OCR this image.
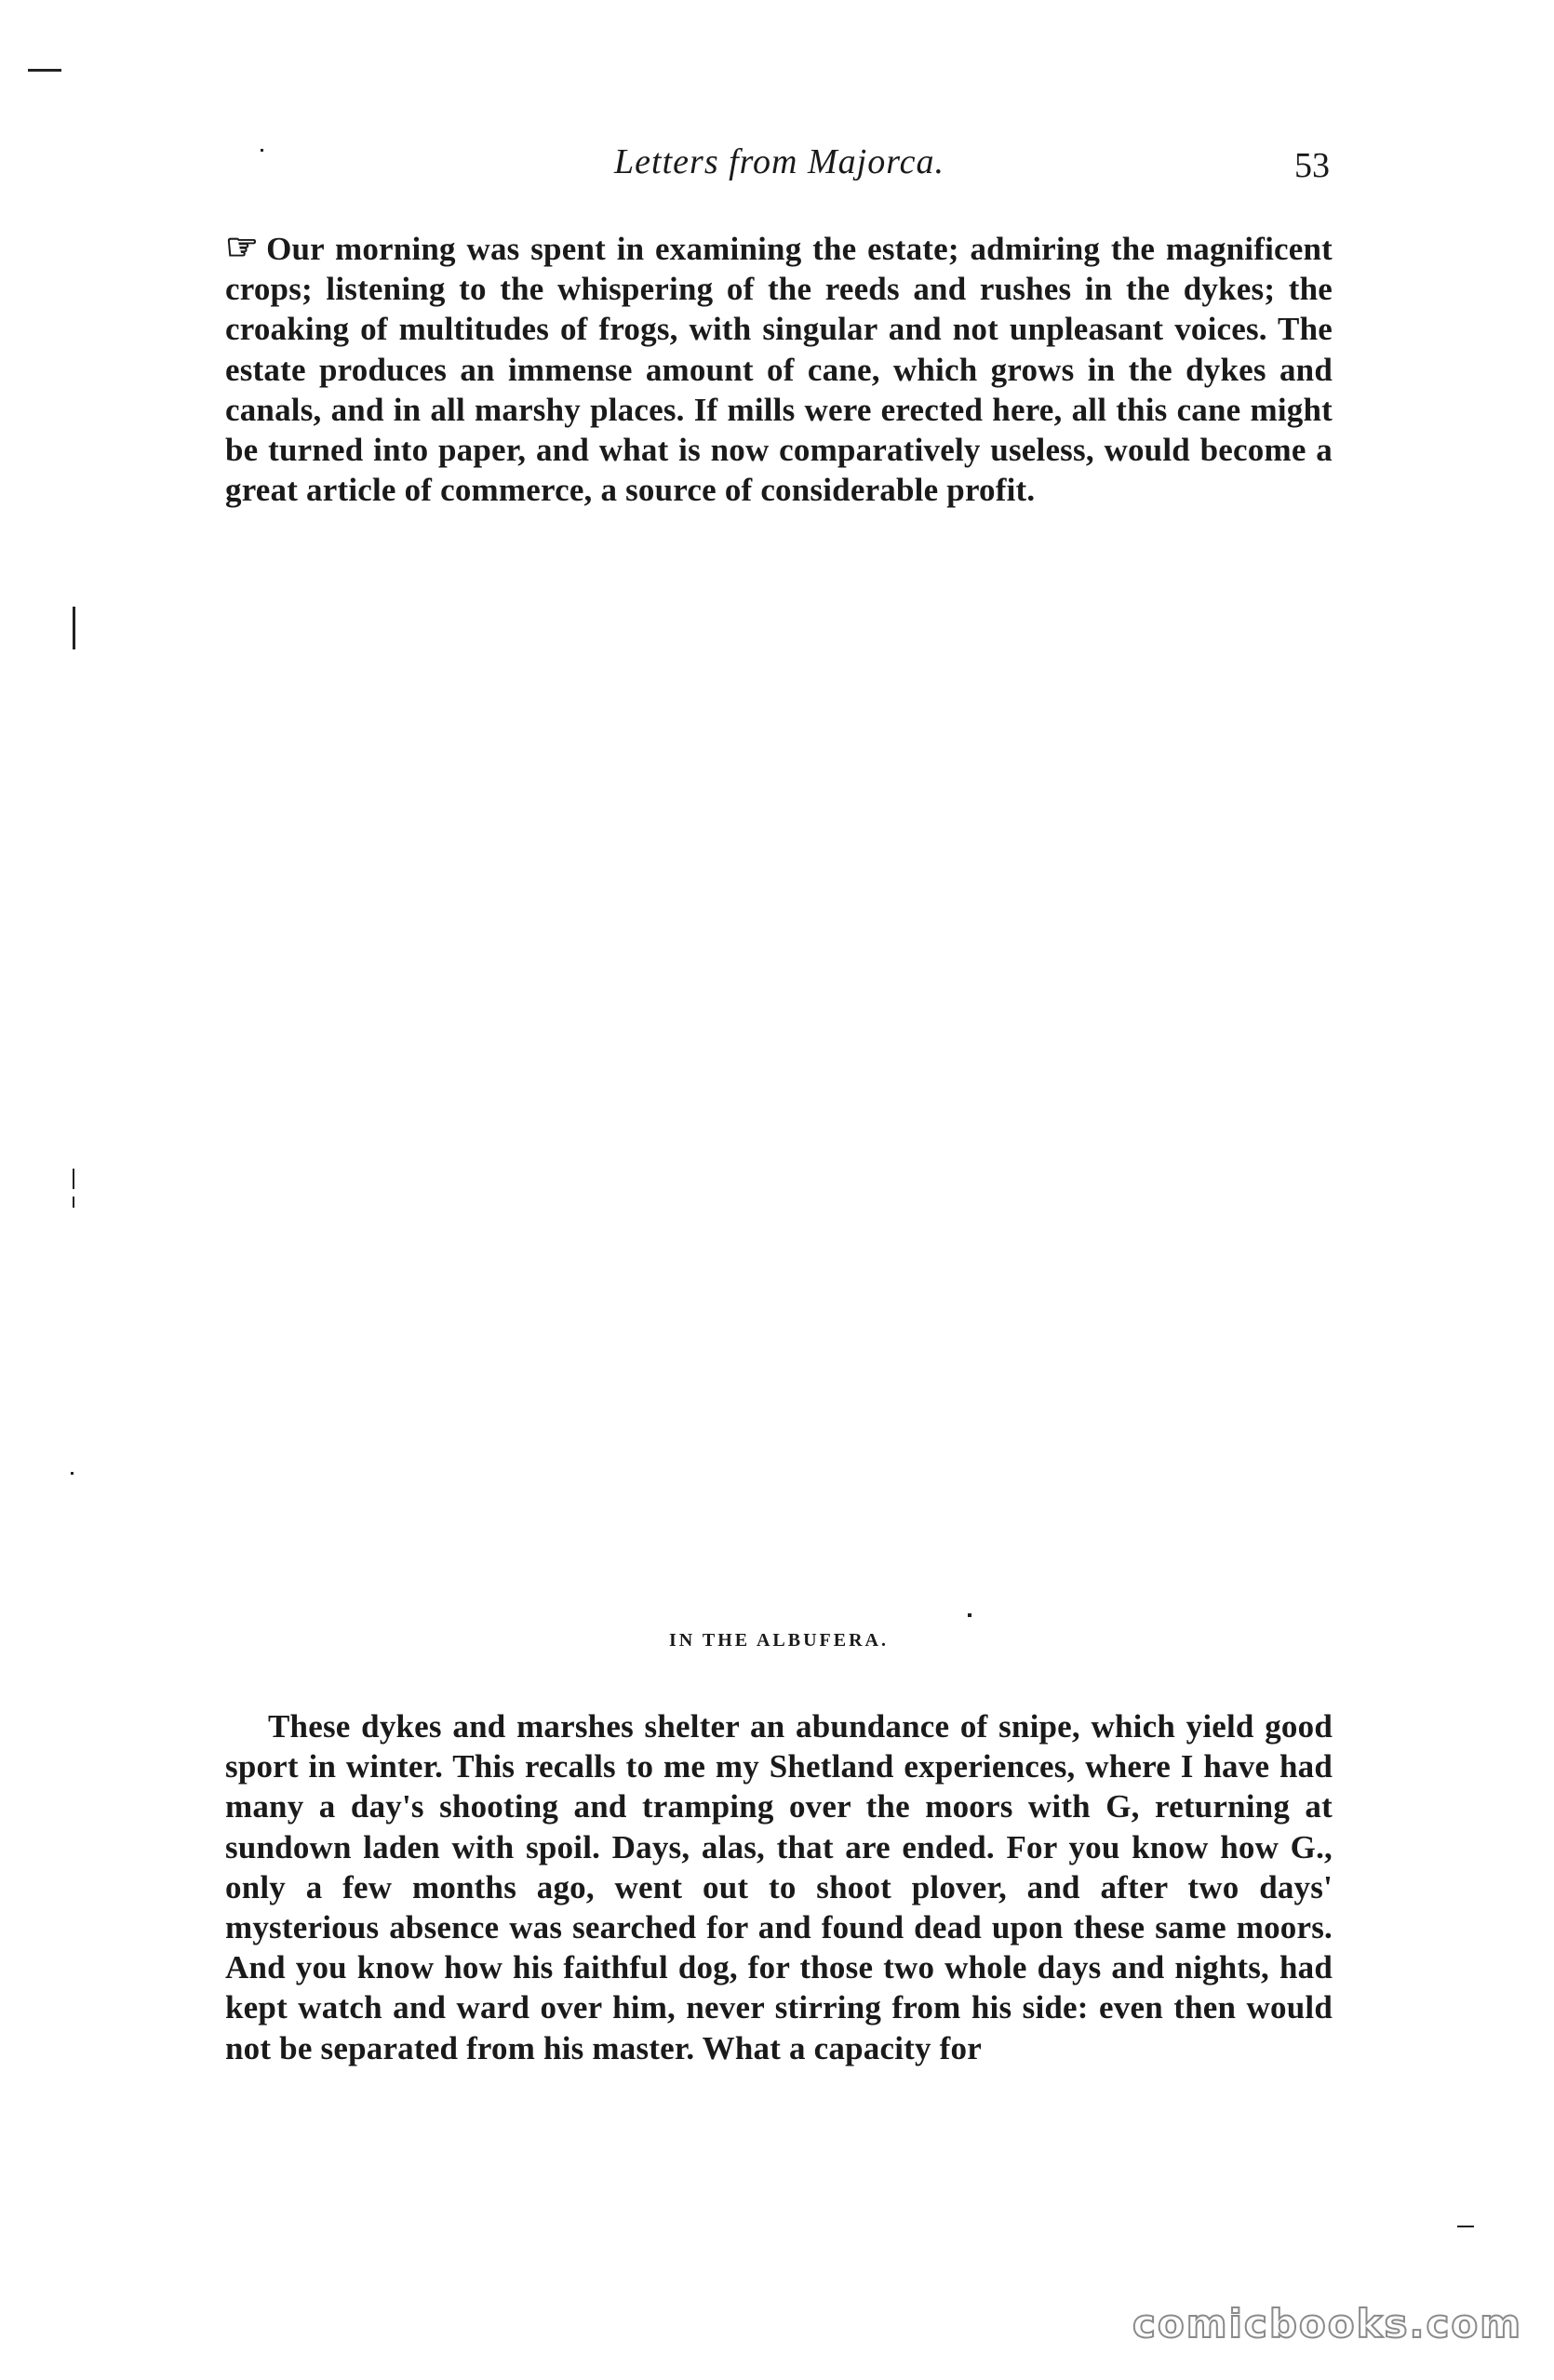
Letters from Majorca.	53
☞ Our morning was spent in examining the estate; admiring the magnificent crops; listening to the whispering of the reeds and rushes in the dykes; the croaking of multitudes of frogs, with singular and not unpleasant voices. The estate produces an immense amount of cane, which grows in the dykes and canals, and in all marshy places. If mills were erected here, all this cane might be turned into paper, and what is now comparatively useless, would become a great article of commerce, a source of considerable profit.
IN THE ALBUFERA.
These dykes and marshes shelter an abundance of snipe, which yield good sport in winter. This recalls to me my Shetland experiences, where I have had many a day's shooting and tramping over the moors with G, returning at sundown laden with spoil. Days, alas, that are ended. For you know how G., only a few months ago, went out to shoot plover, and after two days' mysterious absence was searched for and found dead upon these same moors. And you know how his faithful dog, for those two whole days and nights, had kept watch and ward over him, never stirring from his side: even then would not be separated from his master. What a capacity for
comicbooks.com
